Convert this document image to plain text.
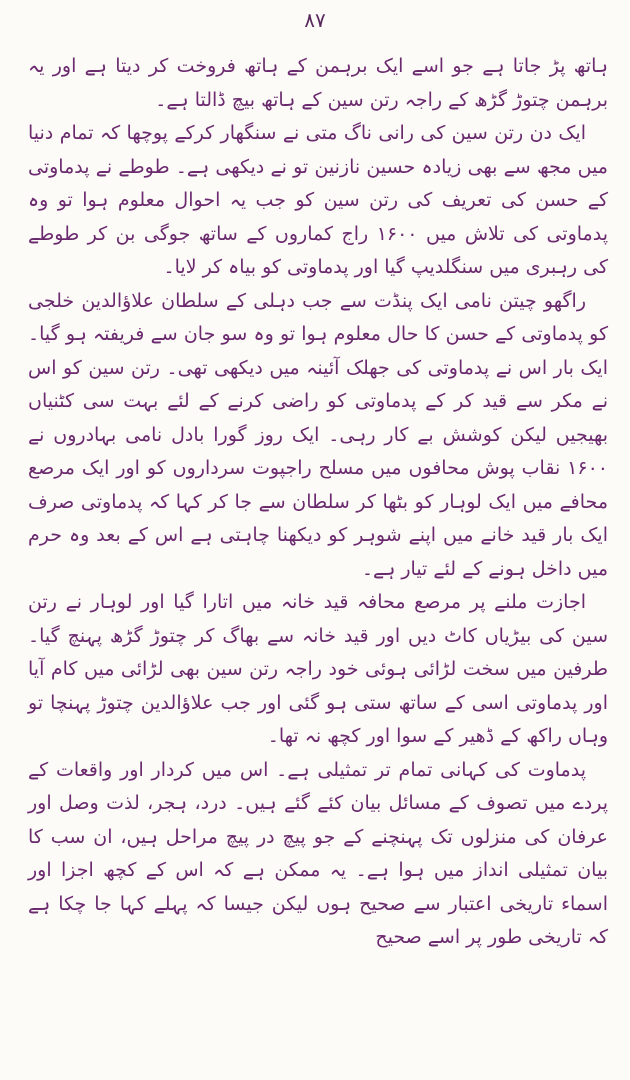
۸۷

ہاتھ پڑ جاتا ہے جو اسے ایک برہمن کے ہاتھ فروخت کر دیتا ہے اور یہ برہمن چتوڑ گڑھ کے راجہ رتن سین کے ہاتھ بیچ ڈالتا ہے۔

ایک دن رتن سین کی رانی ناگ متی نے سنگھار کرکے پوچھا کہ تمام دنیا میں مجھ سے بھی زیادہ حسین نازنین تو نے دیکھی ہے۔ طوطے نے پدماوتی کے حسن کی تعریف کی رتن سین کو جب یہ احوال معلوم ہوا تو وہ پدماوتی کی تلاش میں ۱۶۰۰ راج کماروں کے ساتھ جوگی بن کر طوطے کی رہبری میں سنگلدیپ گیا اور پدماوتی کو بیاہ کر لایا۔

راگھو چیتن نامی ایک پنڈت سے جب دہلی کے سلطان علاؤالدین خلجی کو پدماوتی کے حسن کا حال معلوم ہوا تو وہ سو جان سے فریفتہ ہو گیا۔ ایک بار اس نے پدماوتی کی جھلک آئینہ میں دیکھی تھی۔ رتن سین کو اس نے مکر سے قید کر کے پدماوتی کو راضی کرنے کے لئے بہت سی کٹنیاں بھیجیں لیکن کوشش بے کار رہی۔ ایک روز گورا بادل نامی بہادروں نے ۱۶۰۰ نقاب پوش محافوں میں مسلح راجپوت سرداروں کو اور ایک مرصع محافے میں ایک لوہار کو بٹھا کر سلطان سے جا کر کہا کہ پدماوتی صرف ایک بار قید خانے میں اپنے شوہر کو دیکھنا چاہتی ہے اس کے بعد وہ حرم میں داخل ہونے کے لئے تیار ہے۔

اجازت ملنے پر مرصع محافہ قید خانہ میں اتارا گیا اور لوہار نے رتن سین کی بیڑیاں کاٹ دیں اور قید خانہ سے بھاگ کر چتوڑ گڑھ پہنچ گیا۔ طرفین میں سخت لڑائی ہوئی خود راجہ رتن سین بھی لڑائی میں کام آیا اور پدماوتی اسی کے ساتھ ستی ہو گئی اور جب علاؤالدین چتوڑ پہنچا تو وہاں راکھ کے ڈھیر کے سوا اور کچھ نہ تھا۔

پدماوت کی کہانی تمام تر تمثیلی ہے۔ اس میں کردار اور واقعات کے پردے میں تصوف کے مسائل بیان کئے گئے ہیں۔ درد، ہجر، لذت وصل اور عرفان کی منزلوں تک پہنچنے کے جو پیچ در پیچ مراحل ہیں، ان سب کا بیان تمثیلی انداز میں ہوا ہے۔ یہ ممکن ہے کہ اس کے کچھ اجزا اور اسماء تاریخی اعتبار سے صحیح ہوں لیکن جیسا کہ پہلے کہا جا چکا ہے کہ تاریخی طور پر اسے صحیح
